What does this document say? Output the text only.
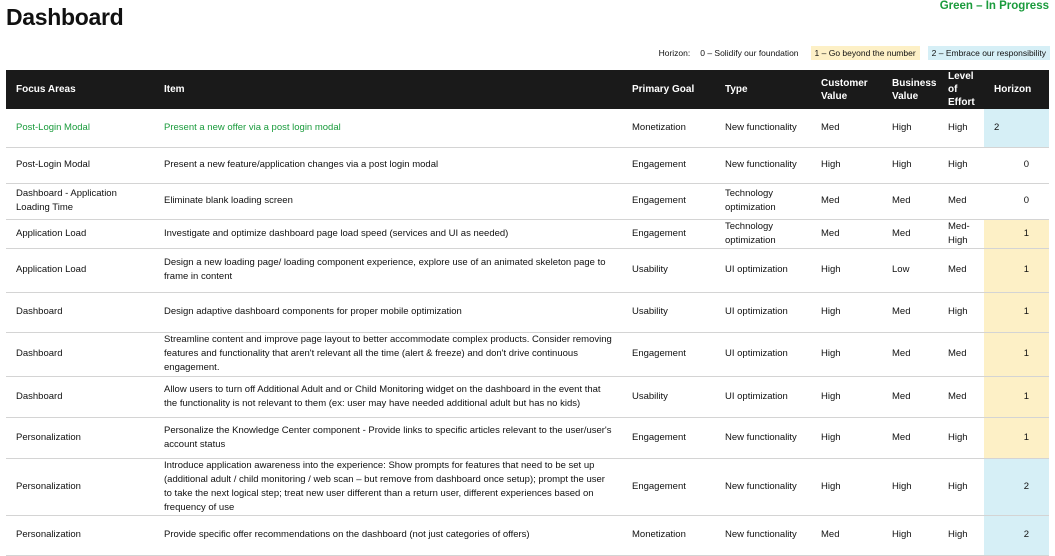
Dashboard	Green – In Progress
Horizon:	0 – Solidify our foundation	1 – Go beyond the number	2 – Embrace our responsibility
Focus Areas	Item	Primary Goal	Type	Customer Value	Business Value	Level of Effort	Horizon
Post-Login Modal	Present a new offer via a post login modal	Monetization	New functionality	Med	High	High	2
Post-Login Modal	Present a new feature/application changes via a post login modal	Engagement	New functionality	High	High	High	0
Dashboard - Application Loading Time	Eliminate blank loading screen	Engagement	Technology optimization	Med	Med	Med	0
Application Load	Investigate and optimize dashboard page load speed (services and UI as needed)	Engagement	Technology optimization	Med	Med	Med-High	1
Application Load	Design a new loading page/ loading component experience, explore use of an animated skeleton page to frame in content	Usability	UI optimization	High	Low	Med	1
Dashboard	Design adaptive dashboard components for proper mobile optimization	Usability	UI optimization	High	Med	High	1
Dashboard	Streamline content and improve page layout to better accommodate complex products. Consider removing features and functionality that aren't relevant all the time (alert & freeze) and don't drive continuous engagement.	Engagement	UI optimization	High	Med	Med	1
Dashboard	Allow users to turn off Additional Adult and or Child Monitoring widget on the dashboard in the event that the functionality is not relevant to them (ex: user may have needed additional adult but has no kids)	Usability	UI optimization	High	Med	Med	1
Personalization	Personalize the Knowledge Center component - Provide links to specific articles relevant to the user/user's account status	Engagement	New functionality	High	Med	High	1
Personalization	Introduce application awareness into the experience: Show prompts for features that need to be set up (additional adult / child monitoring / web scan – but remove from dashboard once setup); prompt the user to take the next logical step; treat new user different than a return user, different experiences based on frequency of use	Engagement	New functionality	High	High	High	2
Personalization	Provide specific offer recommendations on the dashboard (not just categories of offers)	Monetization	New functionality	Med	High	High	2
